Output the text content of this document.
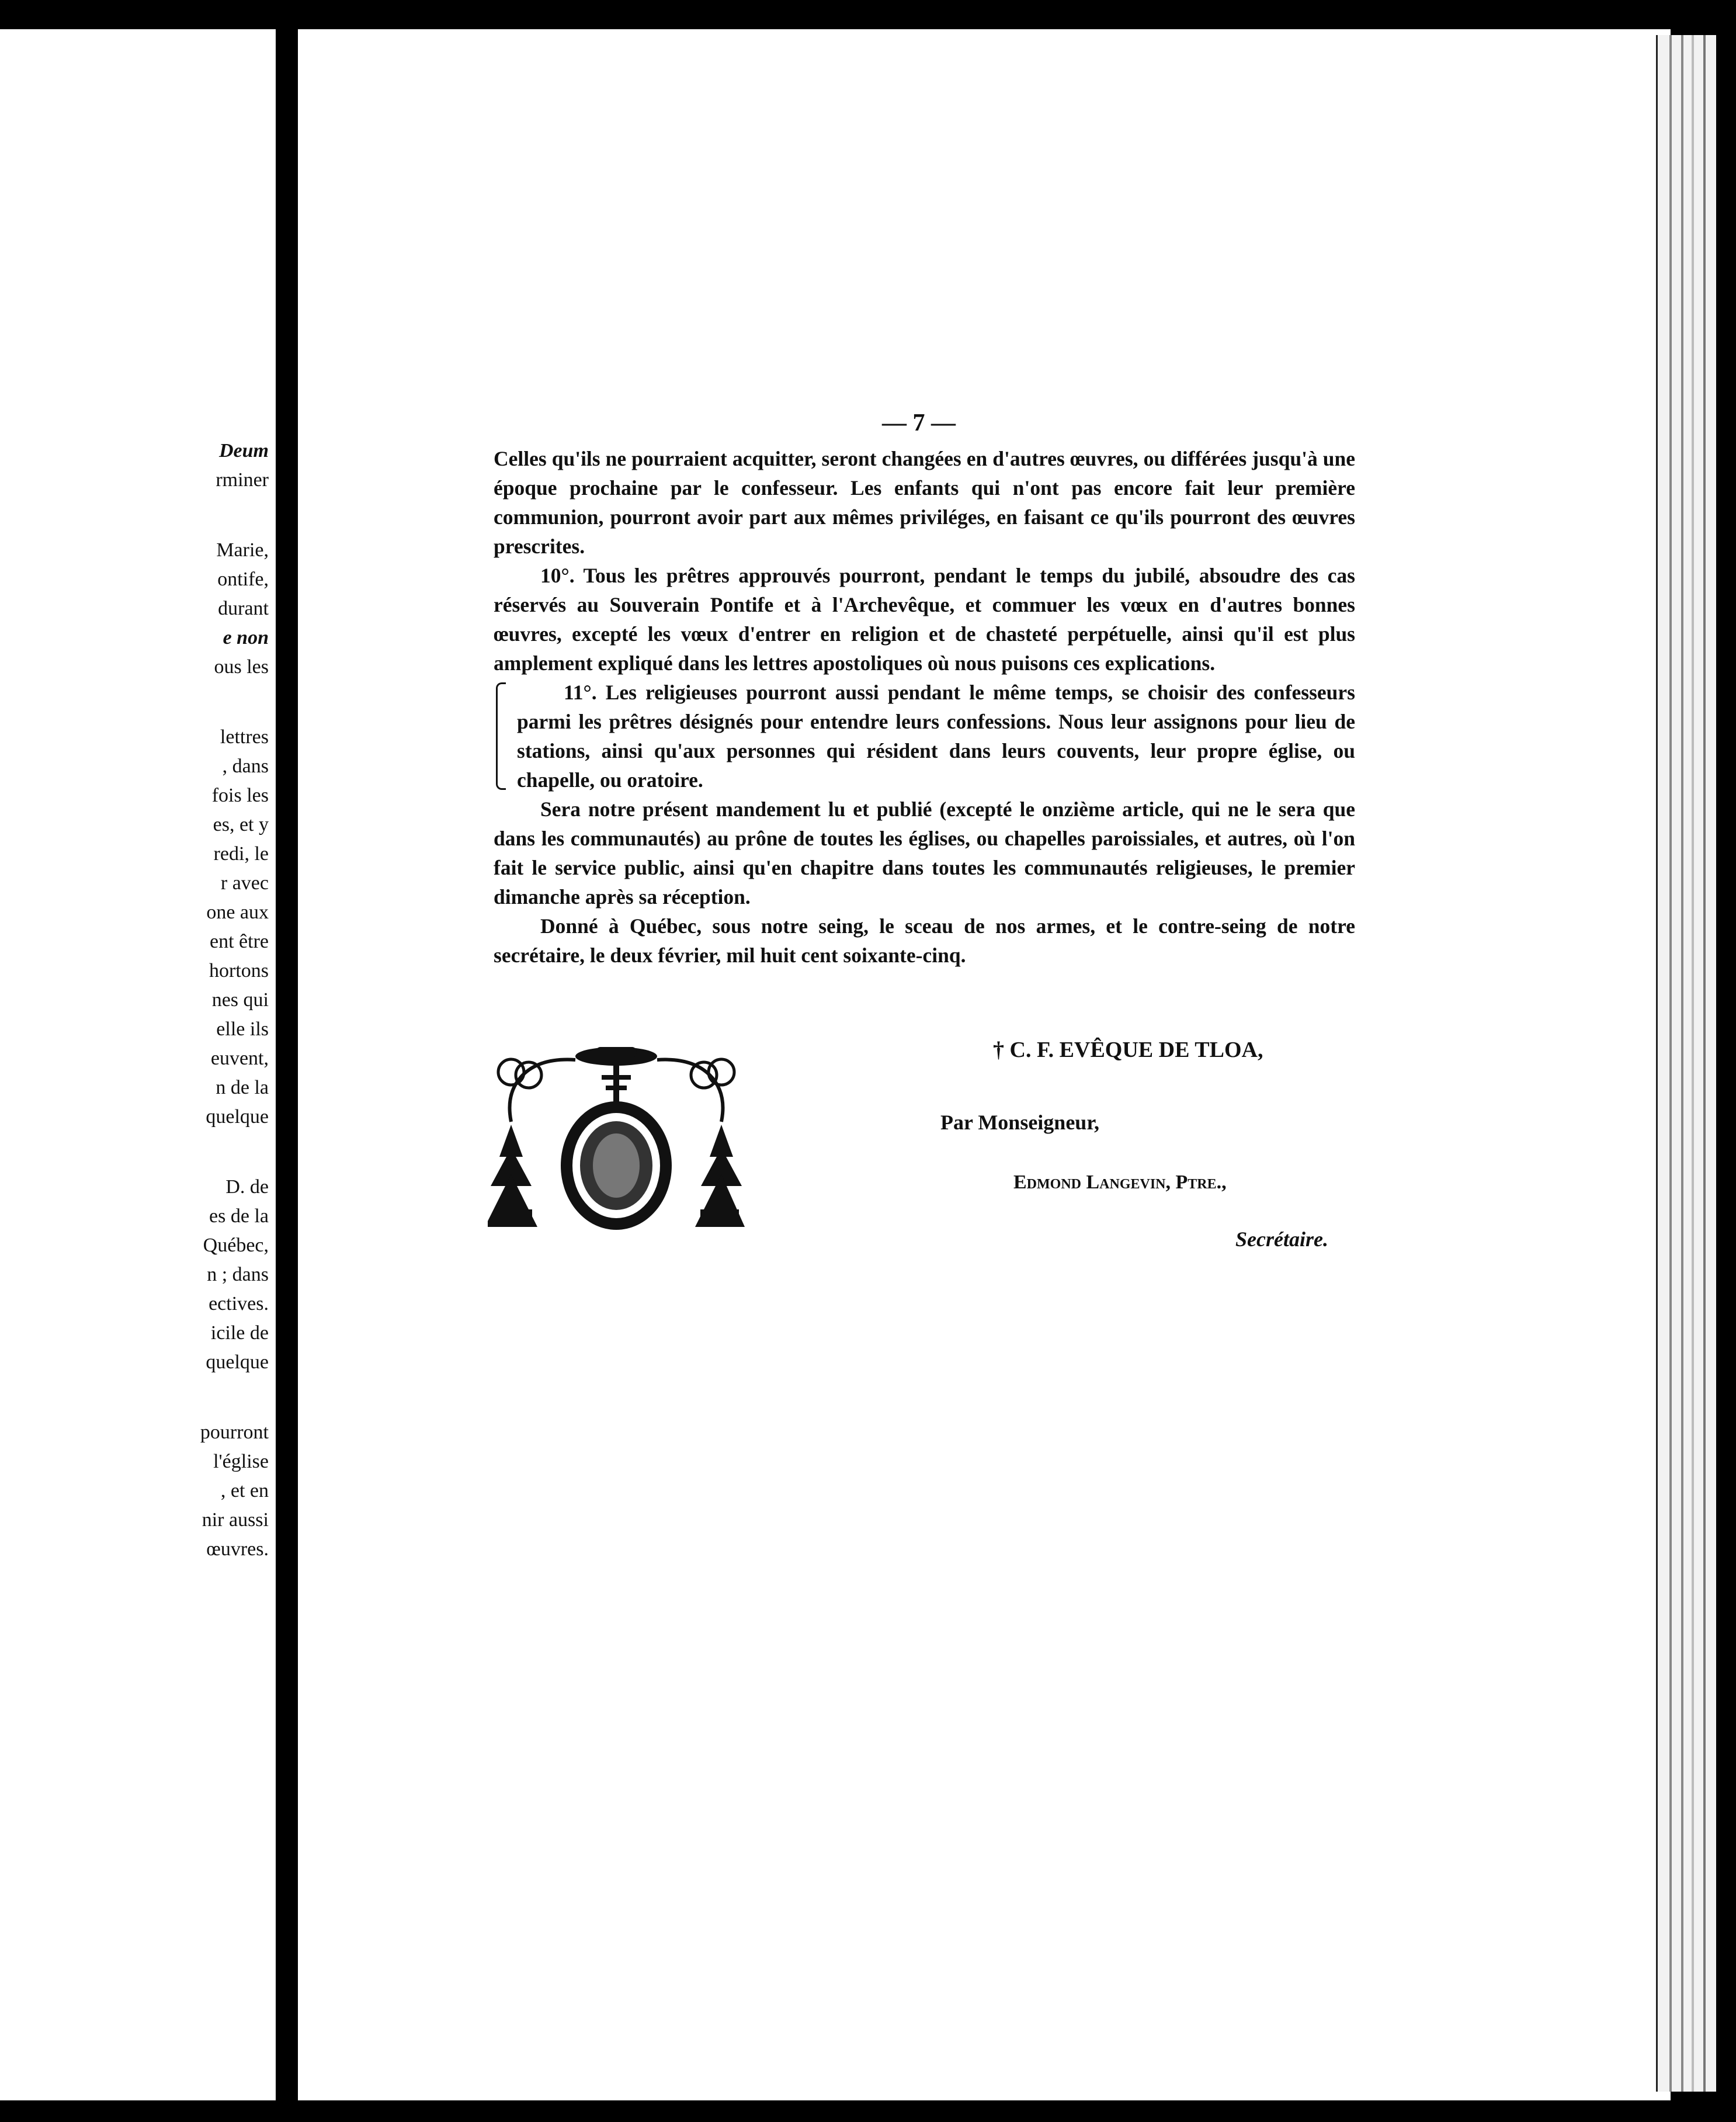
Deum
rminer
Marie,
ontife,
durant
e non
ous les
lettres
, dans
fois les
es, et y
redi, le
r avec
one aux
ent être
hortons
nes qui
elle ils
euvent,
n de la
quelque
D. de
es de la
Québec,
n ; dans
ectives.
icile de
quelque
pourront
l'église
, et en
nir aussi
œuvres.
— 7 —

Celles qu'ils ne pourraient acquitter, seront changées en d'autres œuvres, ou différées jusqu'à une époque prochaine par le confesseur. Les enfants qui n'ont pas encore fait leur première communion, pourront avoir part aux mêmes priviléges, en faisant ce qu'ils pourront des œuvres prescrites.

10°. Tous les prêtres approuvés pourront, pendant le temps du jubilé, absoudre des cas réservés au Souverain Pontife et à l'Archevêque, et commuer les vœux en d'autres bonnes œuvres, excepté les vœux d'entrer en religion et de chasteté perpétuelle, ainsi qu'il est plus amplement expliqué dans les lettres apostoliques où nous puisons ces explications.

11°. Les religieuses pourront aussi pendant le même temps, se choisir des confesseurs parmi les prêtres désignés pour entendre leurs confessions. Nous leur assignons pour lieu de stations, ainsi qu'aux personnes qui résident dans leurs couvents, leur propre église, ou chapelle, ou oratoire.

Sera notre présent mandement lu et publié (excepté le onzième article, qui ne le sera que dans les communautés) au prône de toutes les églises, ou chapelles paroissiales, et autres, où l'on fait le service public, ainsi qu'en chapitre dans toutes les communautés religieuses, le premier dimanche après sa réception.

Donné à Québec, sous notre seing, le sceau de nos armes, et le contre-seing de notre secrétaire, le deux février, mil huit cent soixante-cinq.

† C. F. EVÊQUE DE TLOA,
Par Monseigneur,
Edmond Langevin, Ptre.,
Secrétaire.
